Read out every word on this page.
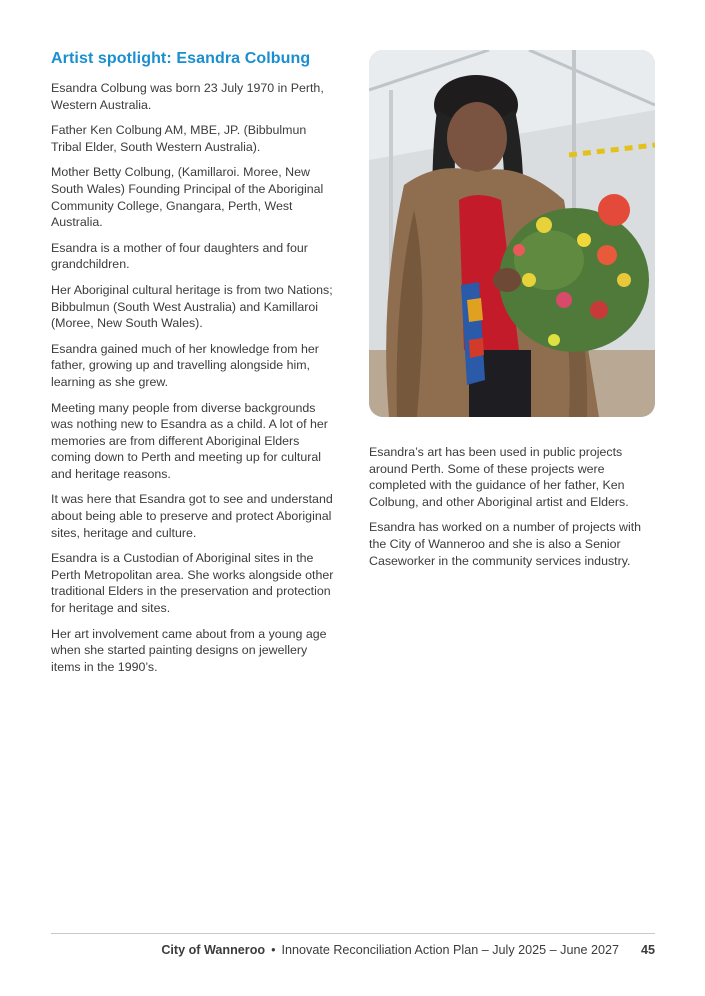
Artist spotlight: Esandra Colbung

Esandra Colbung was born 23 July 1970 in Perth, Western Australia.

Father Ken Colbung AM, MBE, JP. (Bibbulmun Tribal Elder, South Western Australia).

Mother Betty Colbung, (Kamillaroi. Moree, New South Wales) Founding Principal of the Aboriginal Community College, Gnangara, Perth, West Australia.

Esandra is a mother of four daughters and four grandchildren.

Her Aboriginal cultural heritage is from two Nations; Bibbulmun (South West Australia) and Kamillaroi (Moree, New South Wales).

Esandra gained much of her knowledge from her father, growing up and travelling alongside him, learning as she grew.

Meeting many people from diverse backgrounds was nothing new to Esandra as a child. A lot of her memories are from different Aboriginal Elders coming down to Perth and meeting up for cultural and heritage reasons.

It was here that Esandra got to see and understand about being able to preserve and protect Aboriginal sites, heritage and culture.

Esandra is a Custodian of Aboriginal sites in the Perth Metropolitan area. She works alongside other traditional Elders in the preservation and protection for heritage and sites.

Her art involvement came about from a young age when she started painting designs on jewellery items in the 1990’s.

Esandra’s art has been used in public projects around Perth. Some of these projects were completed with the guidance of her father, Ken Colbung, and other Aboriginal artist and Elders.

Esandra has worked on a number of projects with the City of Wanneroo and she is also a Senior Caseworker in the community services industry.

City of Wanneroo • Innovate Reconciliation Action Plan – July 2025 – June 2027 45
